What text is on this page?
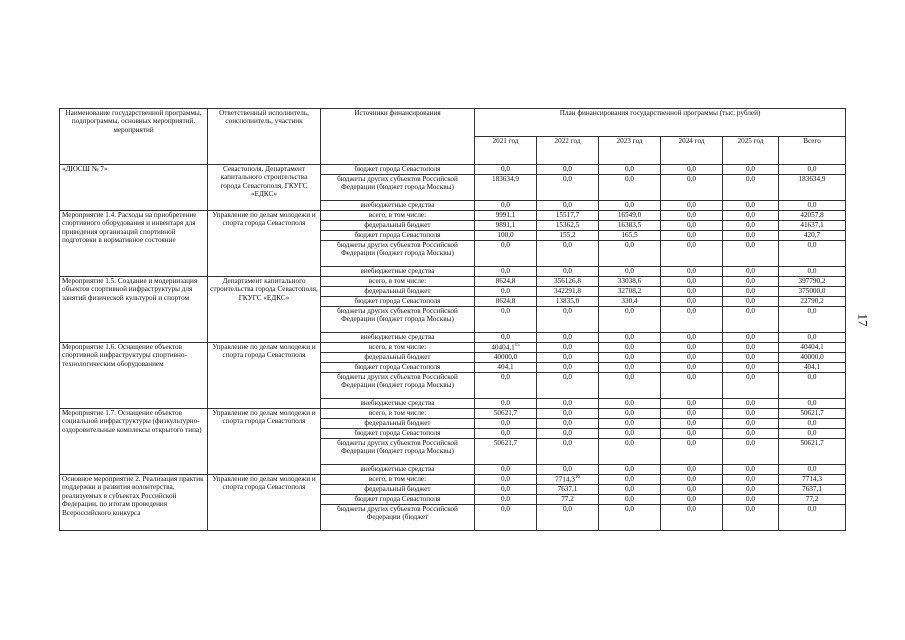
Наименование государственной программы, подпрограммы, основных мероприятий, мероприятий	Ответственный исполнитель, соисполнитель, участник	Источники финансирования	План финансирования государственной программы (тыс. рублей)					
			2021 год	2022 год	2023 год	2024 год	2025 год	Всего
«ДЮСШ № 7»	Севастополя, Департамент капитального строительства города Севастополя, ГКУГС «ЕДКС»	бюджет города Севастополя	0,0	0,0	0,0	0,0	0,0	0,0
		бюджеты других субъектов Российской Федерации (бюджет города Москвы)	183634,9	0,0	0,0	0,0	0,0	183634,9
		внебюджетные средства	0,0	0,0	0,0	0,0	0,0	0,0
Мероприятие 1.4. Расходы на приобретение спортивного оборудования и инвентаря для приведения организаций спортивной подготовки в нормативное состояние	Управление по делам молодежи и спорта города Севастополя	всего, в том числе:	9991,1	15517,7	16549,0	0,0	0,0	42057,8
		федеральный бюджет	9891,1	15362,5	16383,5	0,0	0,0	41637,1
		бюджет города Севастополя	100,0	155,2	165,5	0,0	0,0	420,7
		бюджеты других субъектов Российской Федерации (бюджет города Москвы)	0,0	0,0	0,0	0,0	0,0	0,0
		внебюджетные средства	0,0	0,0	0,0	0,0	0,0	0,0
Мероприятие 1.5. Создание и модернизация объектов спортивной инфраструктуры для занятий физической культурой и спортом	Департамент капитального строительства города Севастополя, ГКУГС «ЕДКС»	всего, в том числе:	8624,8	356126,8	33038,6	0,0	0,0	397790,2
		федеральный бюджет	0,0	342291,8	32708,2	0,0	0,0	375000,0
		бюджет города Севастополя	8624,8	13835,0	330,4	0,0	0,0	22790,2
		бюджеты других субъектов Российской Федерации (бюджет города Москвы)	0,0	0,0	0,0	0,0	0,0	0,0
		внебюджетные средства	0,0	0,0	0,0	0,0	0,0	0,0
Мероприятие 1.6. Оснащение объектов спортивной инфраструктуры спортивно-технологическим оборудованием	Управление по делам молодежи и спорта города Севастополя	всего, в том числе:	40404,1$^{15}$	0,0	0,0	0,0	0,0	40404,1
		федеральный бюджет	40000,0	0,0	0,0	0,0	0,0	40000,0
		бюджет города Севастополя	404,1	0,0	0,0	0,0	0,0	404,1
		бюджеты других субъектов Российской Федерации (бюджет города Москвы)	0,0	0,0	0,0	0,0	0,0	0,0
		внебюджетные средства	0,0	0,0	0,0	0,0	0,0	0,0
Мероприятие 1.7. Оснащение объектов социальной инфраструктуры (физкультурно-оздоровительные комплексы открытого типа)	Управление по делам молодежи и спорта города Севастополя	всего, в том числе:	50621,7	0,0	0,0	0,0	0,0	50621,7
		федеральный бюджет	0,0	0,0	0,0	0,0	0,0	0,0
		бюджет города Севастополя	0,0	0,0	0,0	0,0	0,0	0,0
		бюджеты других субъектов Российской Федерации (бюджет города Москвы)	50621,7	0,0	0,0	0,0	0,0	50621,7
		внебюджетные средства	0,0	0,0	0,0	0,0	0,0	0,0
Основное мероприятие 2. Реализация практик поддержки и развития волонтерства, реализуемых в субъектах Российской Федерации, по итогам проведения Всероссийского конкурса	Управление по делам молодежи и спорта города Севастополя	всего, в том числе:	0,0	7714,3$^{16}$	0,0	0,0	0,0	7714,3
		федеральный бюджет	0,0	7637,1	0,0	0,0	0,0	7637,1
		бюджет города Севастополя	0,0	77,2	0,0	0,0	0,0	77,2
		бюджеты других субъектов Российской Федерации (бюджет	0,0	0,0	0,0	0,0	0,0	0,0
17
